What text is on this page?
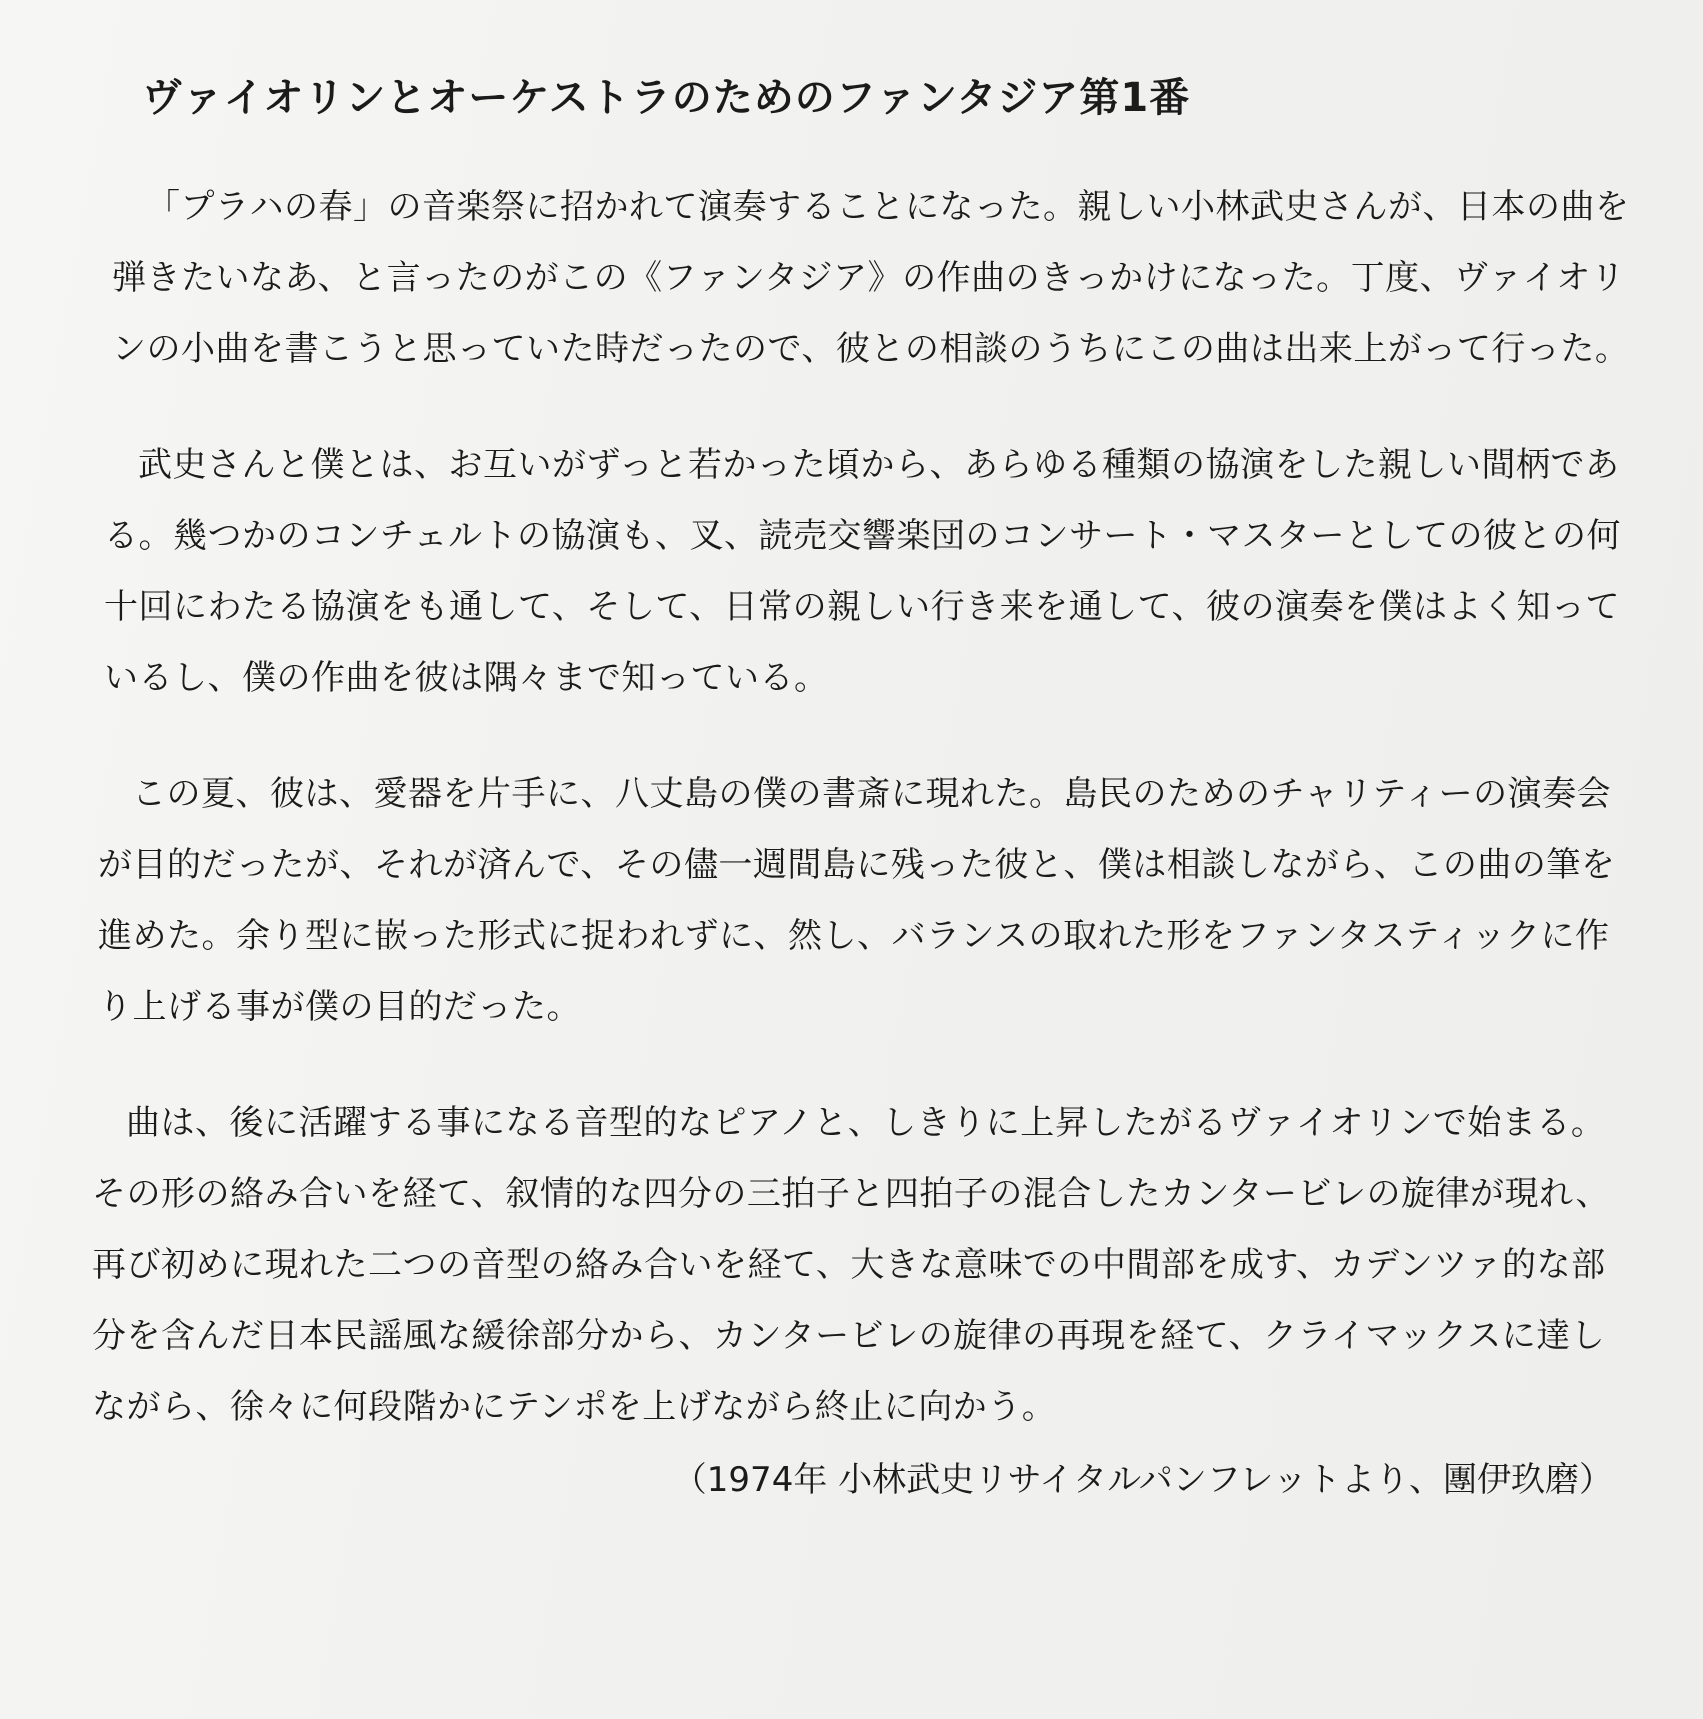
ヴァイオリンとオーケストラのためのファンタジア第1番

「プラハの春」の音楽祭に招かれて演奏することになった。親しい小林武史さんが、日本の曲を弾きたいなあ、と言ったのがこの《ファンタジア》の作曲のきっかけになった。丁度、ヴァイオリンの小曲を書こうと思っていた時だったので、彼との相談のうちにこの曲は出来上がって行った。

武史さんと僕とは、お互いがずっと若かった頃から、あらゆる種類の協演をした親しい間柄である。幾つかのコンチェルトの協演も、叉、読売交響楽団のコンサート・マスターとしての彼との何十回にわたる協演をも通して、そして、日常の親しい行き来を通して、彼の演奏を僕はよく知っているし、僕の作曲を彼は隅々まで知っている。

この夏、彼は、愛器を片手に、八丈島の僕の書斎に現れた。島民のためのチャリティーの演奏会が目的だったが、それが済んで、その儘一週間島に残った彼と、僕は相談しながら、この曲の筆を進めた。余り型に嵌った形式に捉われずに、然し、バランスの取れた形をファンタスティックに作り上げる事が僕の目的だった。

曲は、後に活躍する事になる音型的なピアノと、しきりに上昇したがるヴァイオリンで始まる。その形の絡み合いを経て、叙情的な四分の三拍子と四拍子の混合したカンタービレの旋律が現れ、再び初めに現れた二つの音型の絡み合いを経て、大きな意味での中間部を成す、カデンツァ的な部分を含んだ日本民謡風な緩徐部分から、カンタービレの旋律の再現を経て、クライマックスに達しながら、徐々に何段階かにテンポを上げながら終止に向かう。

（1974年 小林武史リサイタルパンフレットより、團伊玖磨）
